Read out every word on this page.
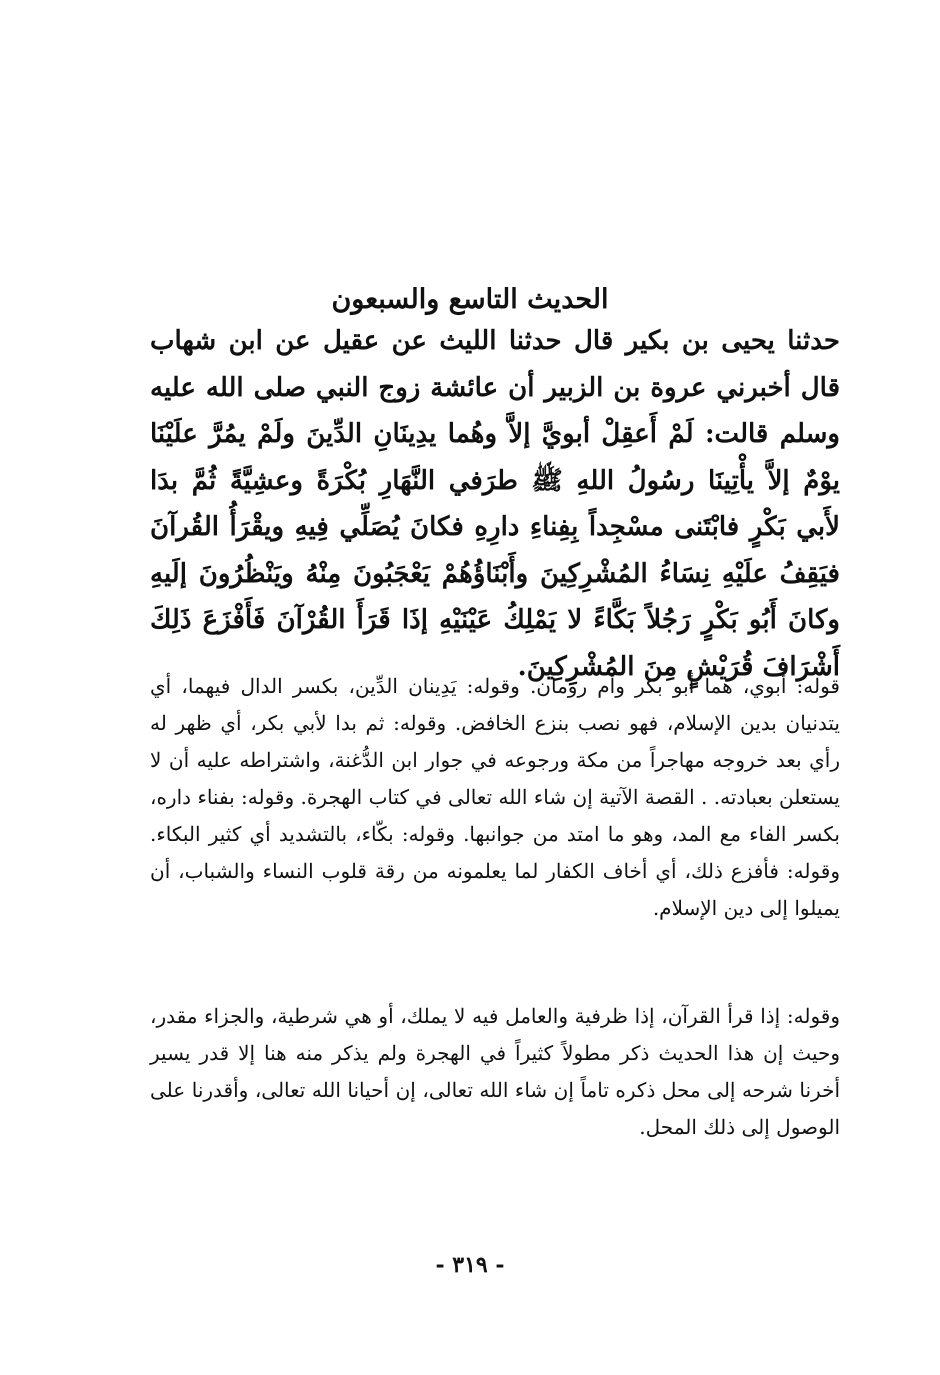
الحديث التاسع والسبعون

حدثنا يحيى بن بكير قال حدثنا الليث عن عقيل عن ابن شهاب قال أخبرني عروة بن الزبير أن عائشة زوج النبي صلى الله عليه وسلم قالت: لَمْ أَعقِلْ أبويَّ إلاَّ وهُما يدِينَانِ الدِّينَ ولَمْ يمُرَّ علَيْنَا يوْمٌ إلاَّ يأْتِينَا رسُولُ اللهِ ﷺ طرَفي النَّهَارِ بُكْرَةً وعشِيَّةً ثُمَّ بدَا لأَبي بَكْرٍ فابْتَنى مسْجِداً بِفِناءِ دارِهِ فكانَ يُصَلِّي فِيهِ ويقْرَأُ القُرآنَ فيَقِفُ علَيْهِ نِسَاءُ المُشْرِكِينَ وأَبْنَاؤُهُمْ يَعْجَبُونَ مِنْهُ ويَنْظُرُونَ إلَيهِ وكانَ أَبُو بَكْرٍ رَجُلاً بَكَّاءً لا يَمْلِكُ عَيْنَيْهِ إذَا قَرَأَ القُرْآنَ فَأَفْزَعَ ذَلِكَ أَشْرَافَ قُرَيْشٍ مِنَ المُشْرِكِينَ.

قوله: أبوي، هما أبو بكر وأم رومان. وقوله: يَدِينان الدِّين، بكسر الدال فيهما، أي يتدنيان بدين الإسلام، فهو نصب بنزع الخافض. وقوله: ثم بدا لأبي بكر، أي ظهر له رأي بعد خروجه مهاجراً من مكة ورجوعه في جوار ابن الدُّغنة، واشتراطه عليه أن لا يستعلن بعبادته. . القصة الآتية إن شاء الله تعالى في كتاب الهجرة. وقوله: بفناء داره، بكسر الفاء مع المد، وهو ما امتد من جوانبها. وقوله: بكّاء، بالتشديد أي كثير البكاء. وقوله: فأفزع ذلك، أي أخاف الكفار لما يعلمونه من رقة قلوب النساء والشباب، أن يميلوا إلى دين الإسلام.

وقوله: إذا قرأ القرآن، إذا ظرفية والعامل فيه لا يملك، أو هي شرطية، والجزاء مقدر، وحيث إن هذا الحديث ذكر مطولاً كثيراً في الهجرة ولم يذكر منه هنا إلا قدر يسير أخرنا شرحه إلى محل ذكره تاماً إن شاء الله تعالى، إن أحيانا الله تعالى، وأقدرنا على الوصول إلى ذلك المحل.

- ٣١٩ -
